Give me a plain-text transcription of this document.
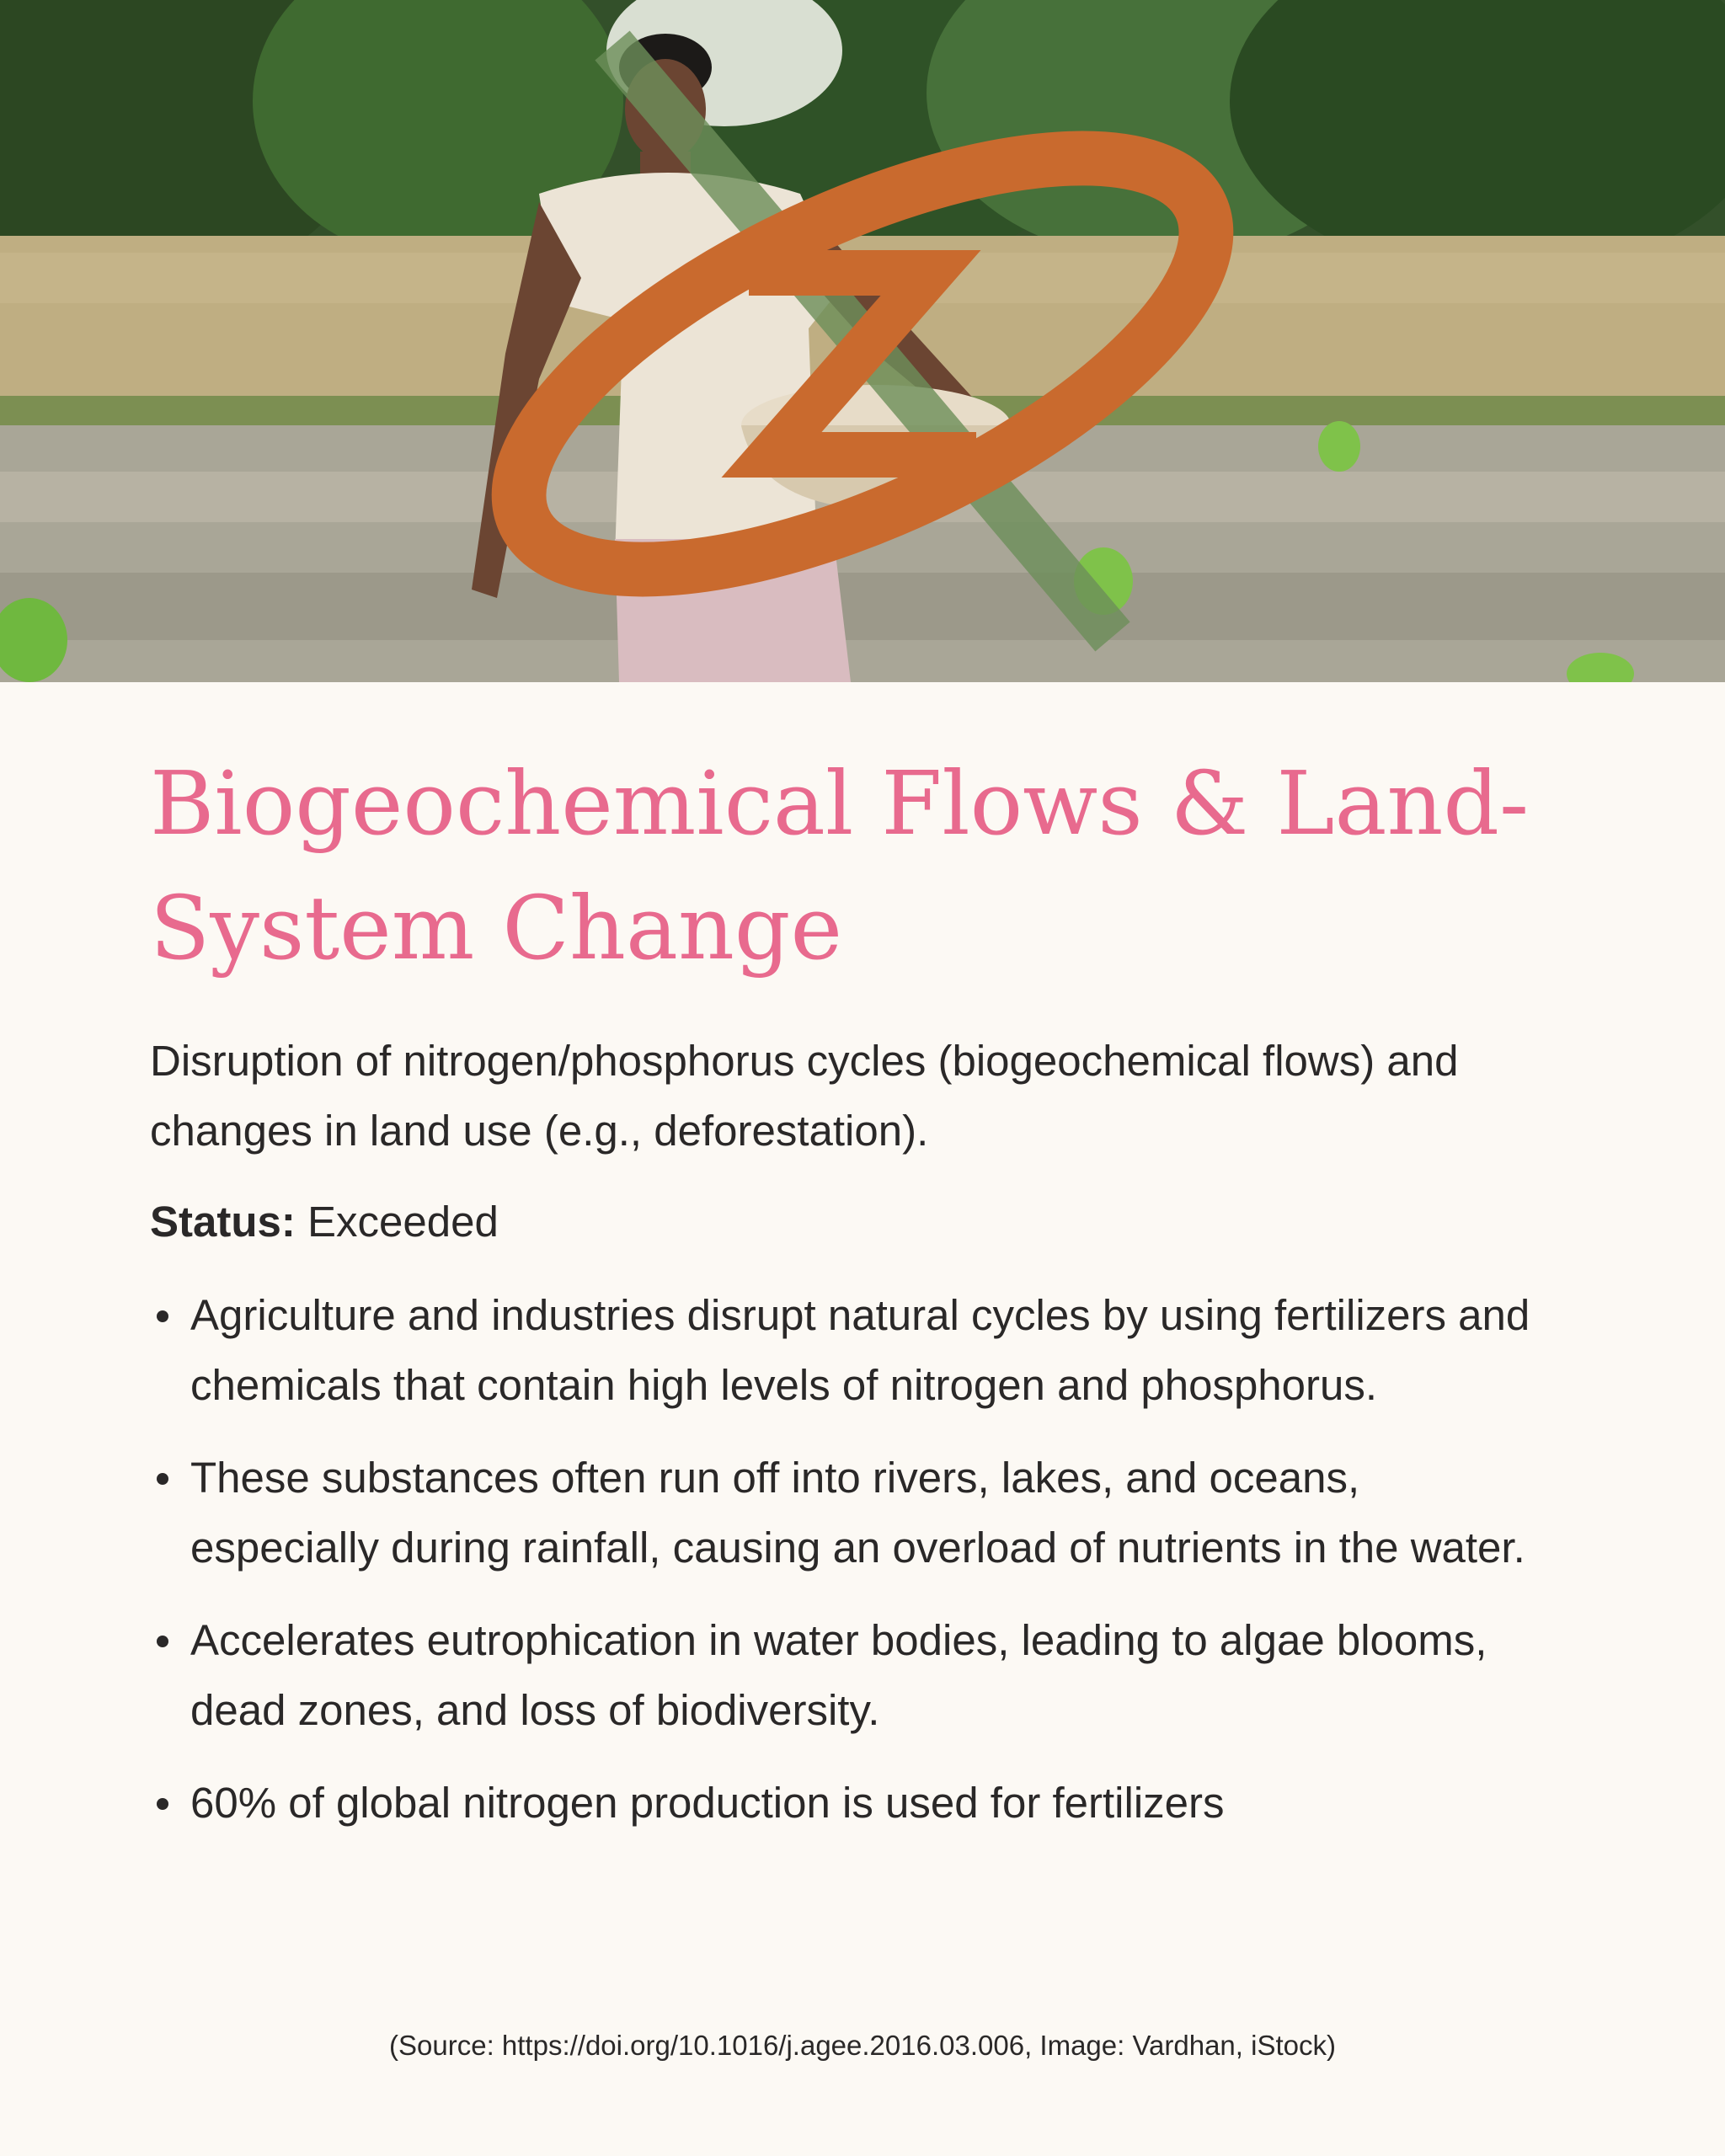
Biogeochemical Flows & Land-System Change

Disruption of nitrogen/phosphorus cycles (biogeochemical flows) and changes in land use (e.g., deforestation).

Status: Exceeded

Agriculture and industries disrupt natural cycles by using fertilizers and chemicals that contain high levels of nitrogen and phosphorus.
These substances often run off into rivers, lakes, and oceans, especially during rainfall, causing an overload of nutrients in the water.
Accelerates eutrophication in water bodies, leading to algae blooms, dead zones, and loss of biodiversity.
60% of global nitrogen production is used for fertilizers

(Source: https://doi.org/10.1016/j.agee.2016.03.006, Image: Vardhan, iStock)
